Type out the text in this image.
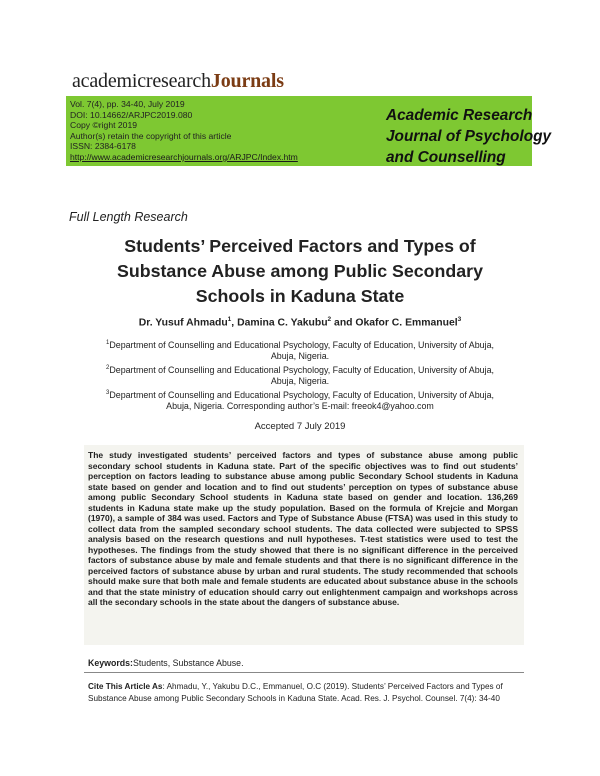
academicresearchJournals
Vol. 7(4), pp. 34-40, July 2019
DOI: 10.14662/ARJPC2019.080
Copy ©right 2019
Author(s) retain the copyright of this article
ISSN: 2384-6178
http://www.academicresearchjournals.org/ARJPC/Index.htm
Academic Research
Journal of Psychology
and Counselling
Full Length Research
Students’ Perceived Factors and Types of
Substance Abuse among Public Secondary
Schools in Kaduna State
Dr. Yusuf Ahmadu$^1$, Damina C. Yakubu$^2$ and Okafor C. Emmanuel$^3$
$^1$Department of Counselling and Educational Psychology, Faculty of Education, University of Abuja,
Abuja, Nigeria.
$^2$Department of Counselling and Educational Psychology, Faculty of Education, University of Abuja,
Abuja, Nigeria.
$^3$Department of Counselling and Educational Psychology, Faculty of Education, University of Abuja,
Abuja, Nigeria. Corresponding author’s E-mail: freeok4@yahoo.com
Accepted 7 July 2019
The study investigated students’ perceived factors and types of substance abuse among public secondary school students in Kaduna state. Part of the specific objectives was to find out students’ perception on factors leading to substance abuse among public Secondary School students in Kaduna state based on gender and location and to find out students’ perception on types of substance abuse among public Secondary School students in Kaduna state based on gender and location. 136,269 students in Kaduna state make up the study population. Based on the formula of Krejcie and Morgan (1970), a sample of 384 was used. Factors and Type of Substance Abuse (FTSA) was used in this study to collect data from the sampled secondary school students. The data collected were subjected to SPSS analysis based on the research questions and null hypotheses. T-test statistics were used to test the hypotheses. The findings from the study showed that there is no significant difference in the perceived factors of substance abuse by male and female students and that there is no significant difference in the perceived factors of substance abuse by urban and rural students. The study recommended that schools should make sure that both male and female students are educated about substance abuse in the schools and that the state ministry of education should carry out enlightenment campaign and workshops across all the secondary schools in the state about the dangers of substance abuse.
Keywords:Students, Substance Abuse.
Cite This Article As: Ahmadu, Y., Yakubu D.C., Emmanuel, O.C (2019). Students’ Perceived Factors and Types of Substance Abuse among Public Secondary Schools in Kaduna State. Acad. Res. J. Psychol. Counsel. 7(4): 34-40
